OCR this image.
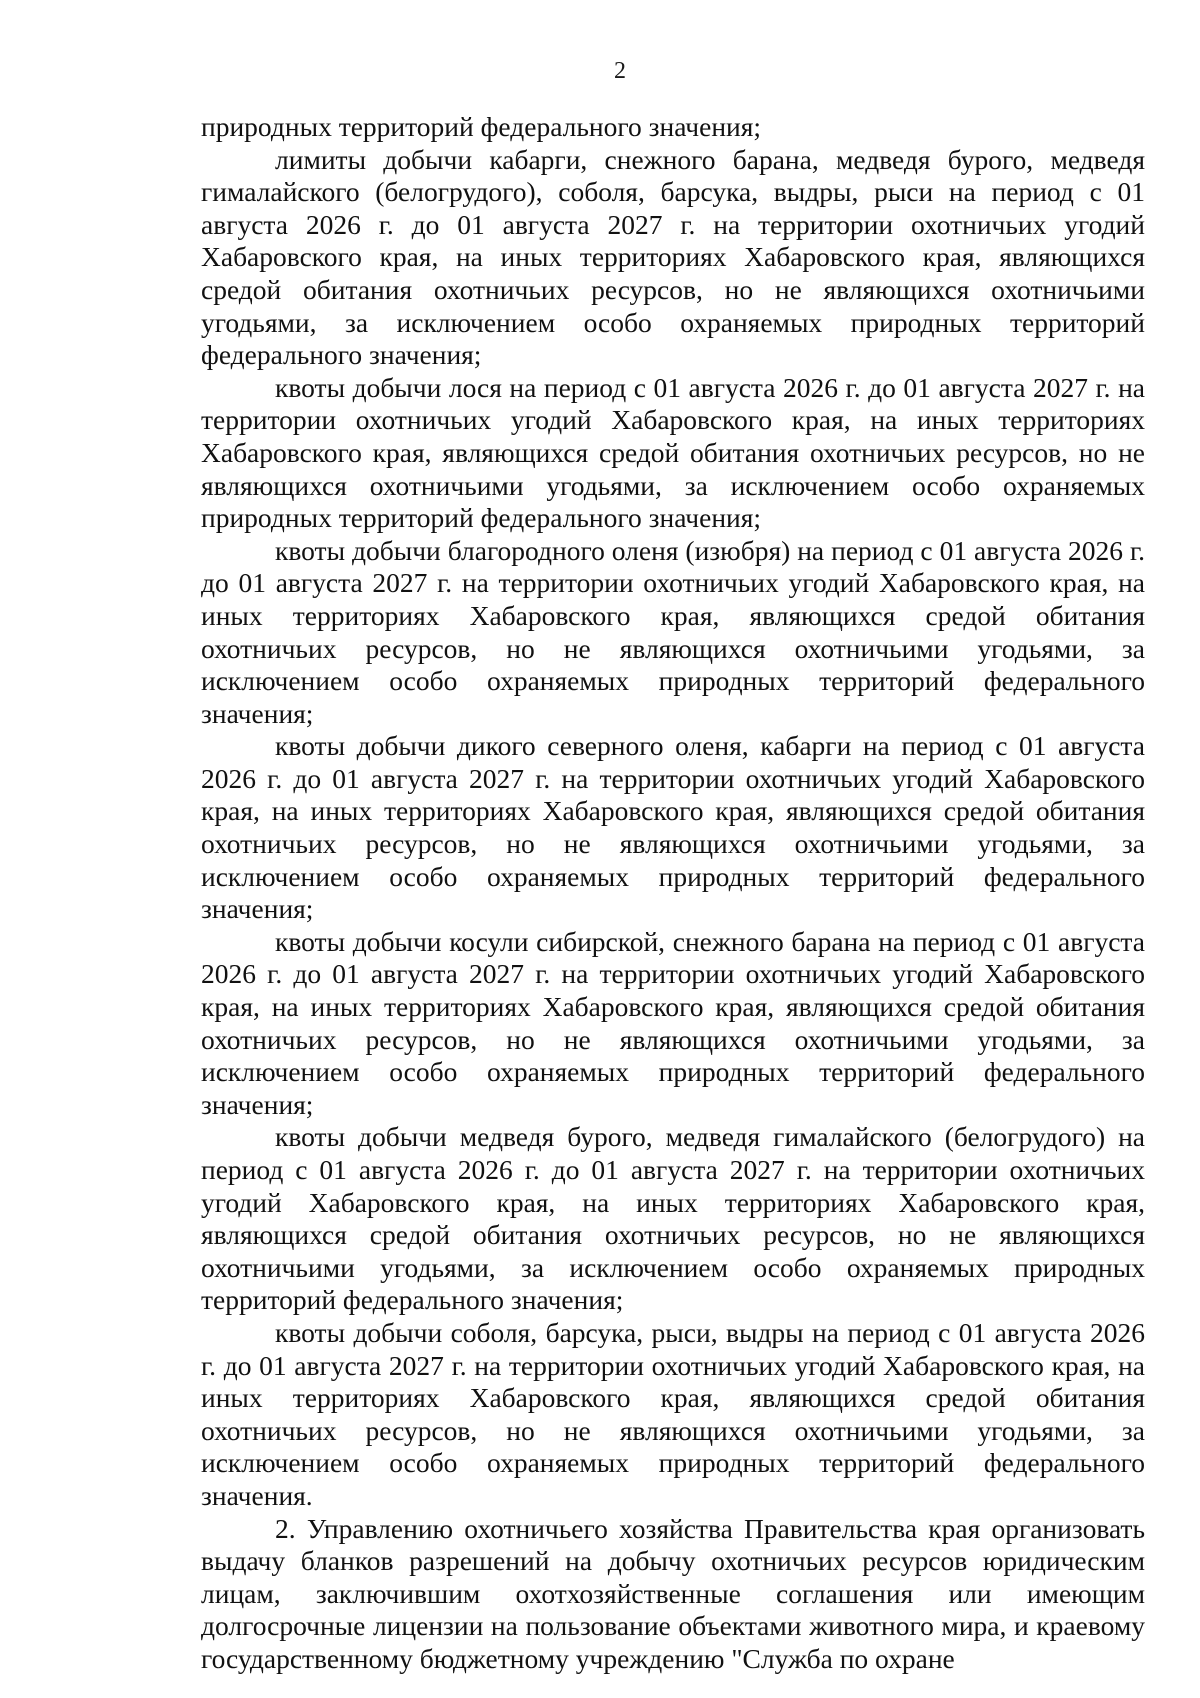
2

природных территорий федерального значения;

лимиты добычи кабарги, снежного барана, медведя бурого, медведя гималайского (белогрудого), соболя, барсука, выдры, рыси на период с 01 августа 2026 г. до 01 августа 2027 г. на территории охотничьих угодий Хабаровского края, на иных территориях Хабаровского края, являющихся средой обитания охотничьих ресурсов, но не являющихся охотничьими угодьями, за исключением особо охраняемых природных территорий федерального значения;

квоты добычи лося на период с 01 августа 2026 г. до 01 августа 2027 г. на территории охотничьих угодий Хабаровского края, на иных территориях Хабаровского края, являющихся средой обитания охотничьих ресурсов, но не являющихся охотничьими угодьями, за исключением особо охраняемых природных территорий федерального значения;

квоты добычи благородного оленя (изюбря) на период с 01 августа 2026 г. до 01 августа 2027 г. на территории охотничьих угодий Хабаровского края, на иных территориях Хабаровского края, являющихся средой обитания охотничьих ресурсов, но не являющихся охотничьими угодьями, за исключением особо охраняемых природных территорий федерального значения;

квоты добычи дикого северного оленя, кабарги на период с 01 августа 2026 г. до 01 августа 2027 г. на территории охотничьих угодий Хабаровского края, на иных территориях Хабаровского края, являющихся средой обитания охотничьих ресурсов, но не являющихся охотничьими угодьями, за исключением особо охраняемых природных территорий федерального значения;

квоты добычи косули сибирской, снежного барана на период с 01 августа 2026 г. до 01 августа 2027 г. на территории охотничьих угодий Хабаровского края, на иных территориях Хабаровского края, являющихся средой обитания охотничьих ресурсов, но не являющихся охотничьими угодьями, за исключением особо охраняемых природных территорий федерального значения;

квоты добычи медведя бурого, медведя гималайского (белогрудого) на период с 01 августа 2026 г. до 01 августа 2027 г. на территории охотничьих угодий Хабаровского края, на иных территориях Хабаровского края, являющихся средой обитания охотничьих ресурсов, но не являющихся охотничьими угодьями, за исключением особо охраняемых природных территорий федерального значения;

квоты добычи соболя, барсука, рыси, выдры на период с 01 августа 2026 г. до 01 августа 2027 г. на территории охотничьих угодий Хабаровского края, на иных территориях Хабаровского края, являющихся средой обитания охотничьих ресурсов, но не являющихся охотничьими угодьями, за исключением особо охраняемых природных территорий федерального значения.

2. Управлению охотничьего хозяйства Правительства края организовать выдачу бланков разрешений на добычу охотничьих ресурсов юридическим лицам, заключившим охотхозяйственные соглашения или имеющим долгосрочные лицензии на пользование объектами животного мира, и краевому государственному бюджетному учреждению "Служба по охране
